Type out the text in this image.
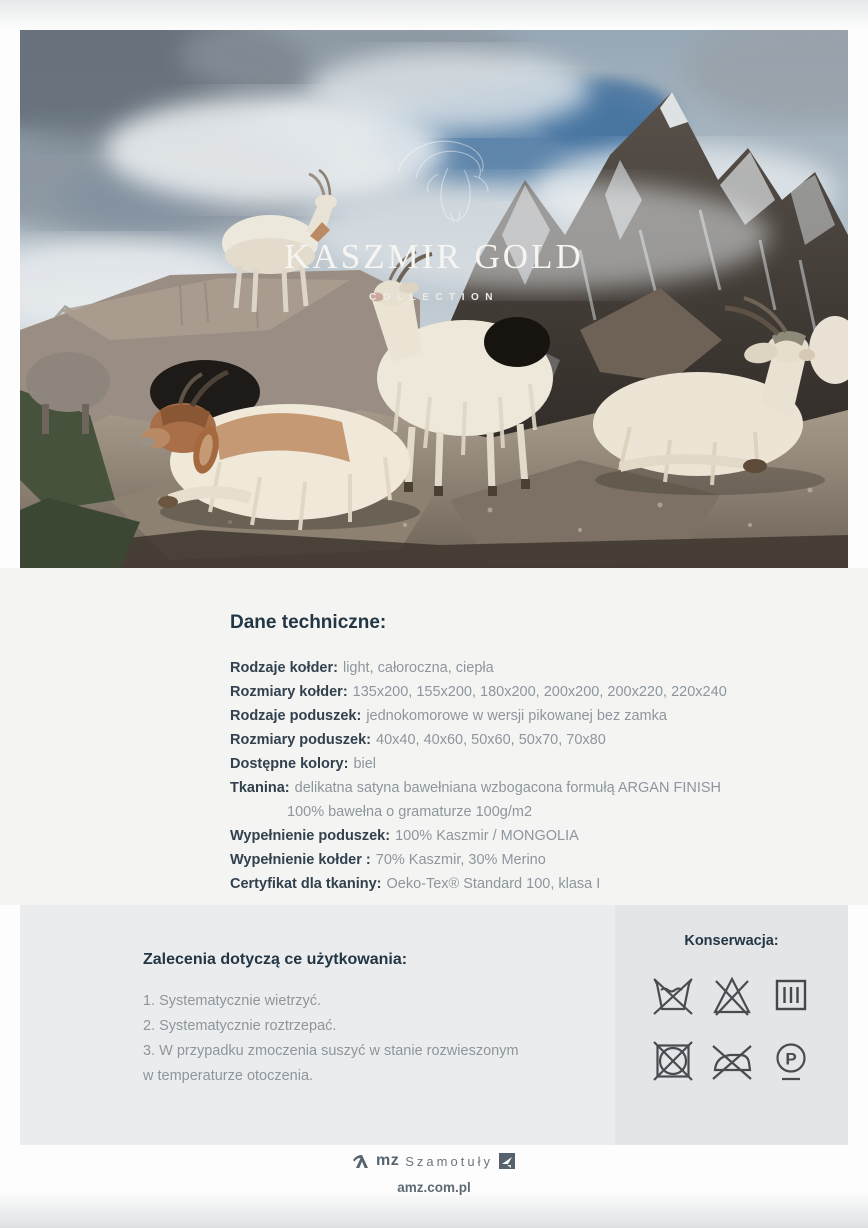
KASZMIR GOLD
COLLECTION
Dane techniczne:
Rodzaje kołder: light, całoroczna, ciepła
Rozmiary kołder: 135x200, 155x200, 180x200, 200x200, 200x220, 220x240
Rodzaje poduszek: jednokomorowe w wersji pikowanej bez zamka
Rozmiary poduszek: 40x40, 40x60, 50x60, 50x70, 70x80
Dostępne kolory: biel
Tkanina: delikatna satyna bawełniana wzbogacona formułą ARGAN FINISH
100% bawełna o gramaturze 100g/m2
Wypełnienie poduszek: 100% Kaszmir / MONGOLIA
Wypełnienie kołder : 70% Kaszmir, 30% Merino
Certyfikat dla tkaniny: Oeko-Tex® Standard 100, klasa I
Zalecenia dotyczą ce użytkowania:
1. Systematycznie wietrzyć.
2. Systematycznie roztrzepać.
3. W przypadku zmoczenia suszyć w stanie rozwieszonym
w temperaturze otoczenia.
Konserwacja:
P
mz Szamotuły
amz.com.pl
